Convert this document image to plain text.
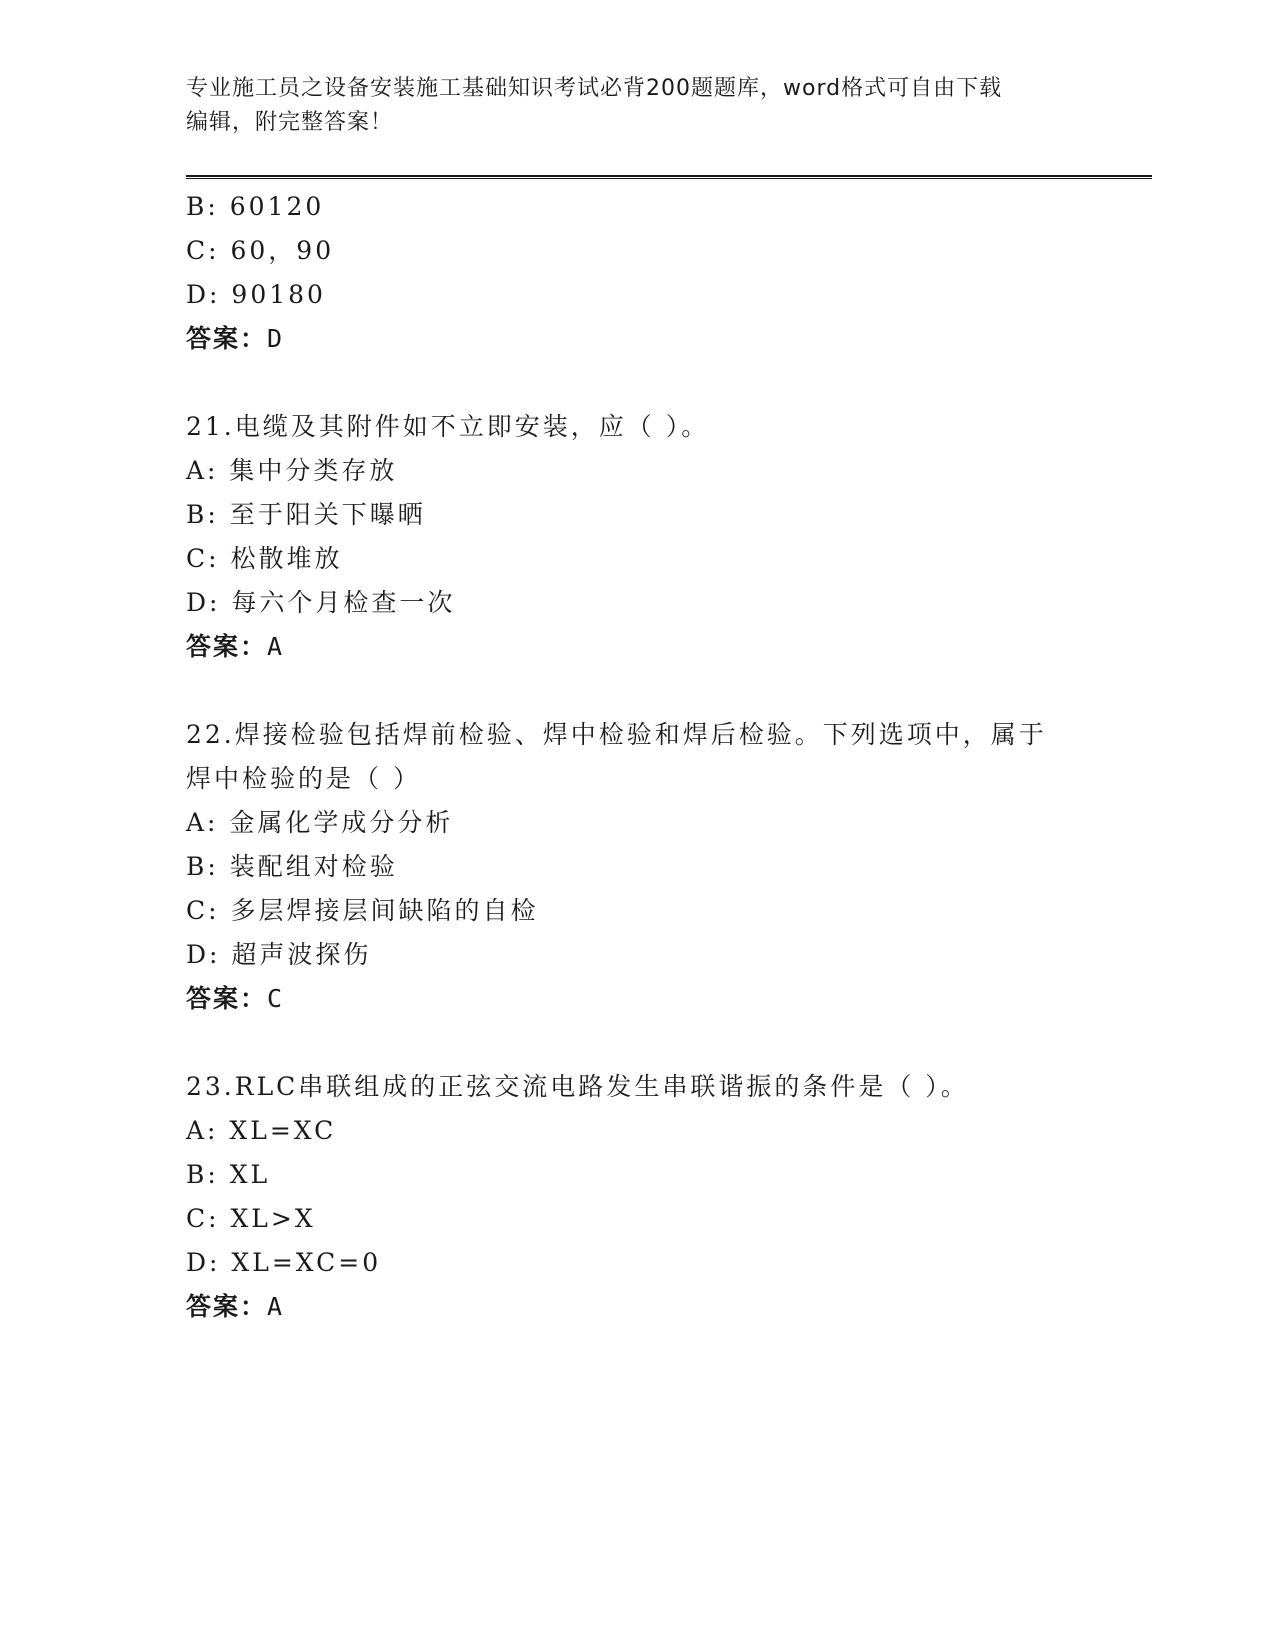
专业施工员之设备安装施工基础知识考试必背200题题库，word格式可自由下载
编辑，附完整答案！
B: 60120
C: 60，90
D: 90180
答案：D
21.电缆及其附件如不立即安装，应（ ）。
A: 集中分类存放
B: 至于阳关下曝晒
C: 松散堆放
D: 每六个月检查一次
答案：A
22.焊接检验包括焊前检验、焊中检验和焊后检验。下列选项中，属于
焊中检验的是（ ）
A: 金属化学成分分析
B: 装配组对检验
C: 多层焊接层间缺陷的自检
D: 超声波探伤
答案：C
23.RLC串联组成的正弦交流电路发生串联谐振的条件是（ ）。
A: XL=XC
B: XL
C: XL>X
D: XL=XC=0
答案：A
